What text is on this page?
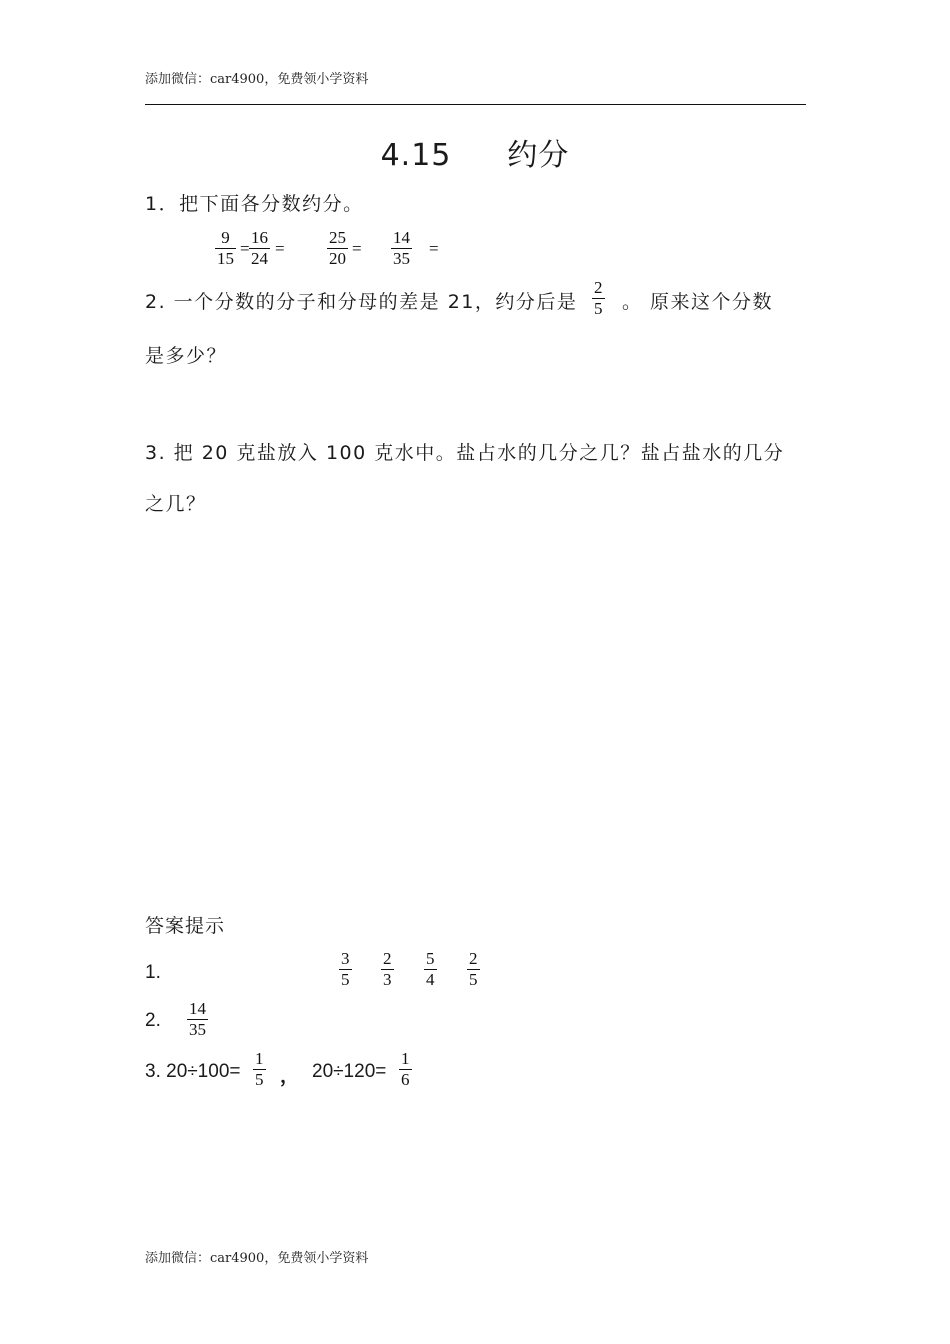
添加微信：car4900，免费领小学资料
4.15 约分
1．把下面各分数约分。
$\frac{9}{15} = \frac{16}{24} = \frac{25}{20} = \frac{14}{35}$ =
2. 一个分数的分子和分母的差是 21，约分后是 $\frac{2}{5}$ 。 原来这个分数
是多少？
3. 把 20 克盐放入 100 克水中。盐占水的几分之几？盐占盐水的几分
之几？
答案提示
1.	$\frac{3}{5} \frac{2}{3} \frac{5}{4} \frac{2}{5}$
2. $\frac{14}{35}$
3. $20\div 100= \frac{1}{5}$ ， $20\div 120= \frac{1}{6}$
添加微信：car4900，免费领小学资料
